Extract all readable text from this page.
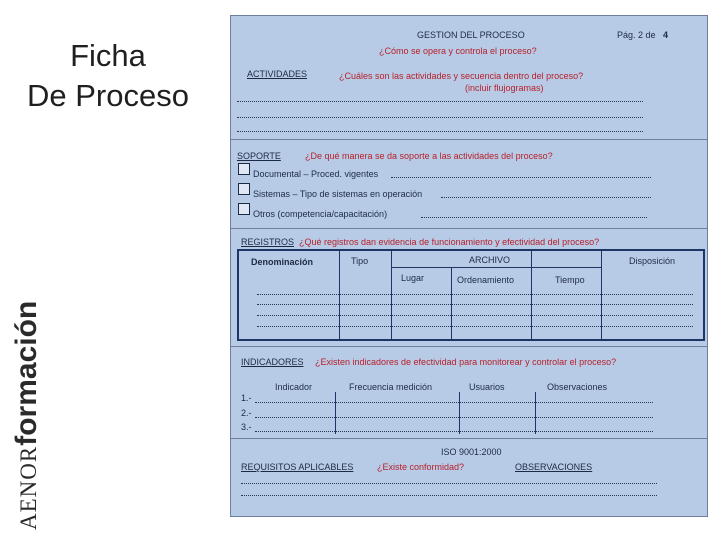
Ficha
De Proceso
AENORformación
GESTION DEL PROCESO	Pág. 2 de 4
¿Cómo se opera y controla el proceso?
ACTIVIDADES	¿Cuáles son las actividades y secuencia dentro del proceso?
(incluir flujogramas)
SOPORTE	¿De qué manera se da soporte a las actividades del proceso?
Documental – Proced. vigentes
Sistemas – Tipo de sistemas en operación
Otros (competencia/capacitación)
REGISTROS ¿Qué registros dan evidencia de funcionamiento y efectividad del proceso?
Denominación	Tipo	ARCHIVO	Disposición
Lugar	Ordenamiento	Tiempo
INDICADORES ¿Existen indicadores de efectividad para monitorear y controlar el proceso?
Indicador	Frecuencia medición	Usuarios	Observaciones
1.-
2.-
3.-
ISO 9001:2000
REQUISITOS APLICABLES	¿Existe conformidad?	OBSERVACIONES
